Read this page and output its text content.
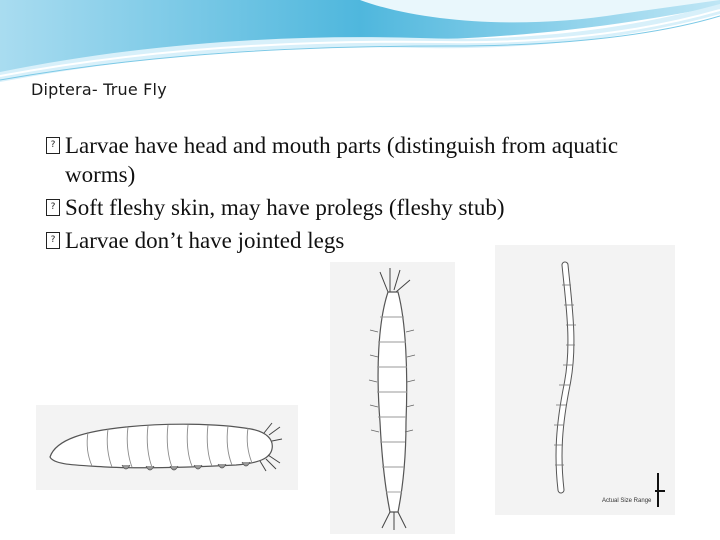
Diptera- True Fly
? Larvae have head and mouth parts (distinguish from aquatic worms)
? Soft fleshy skin, may have prolegs (fleshy stub)
? Larvae don’t have jointed legs
Actual Size Range
